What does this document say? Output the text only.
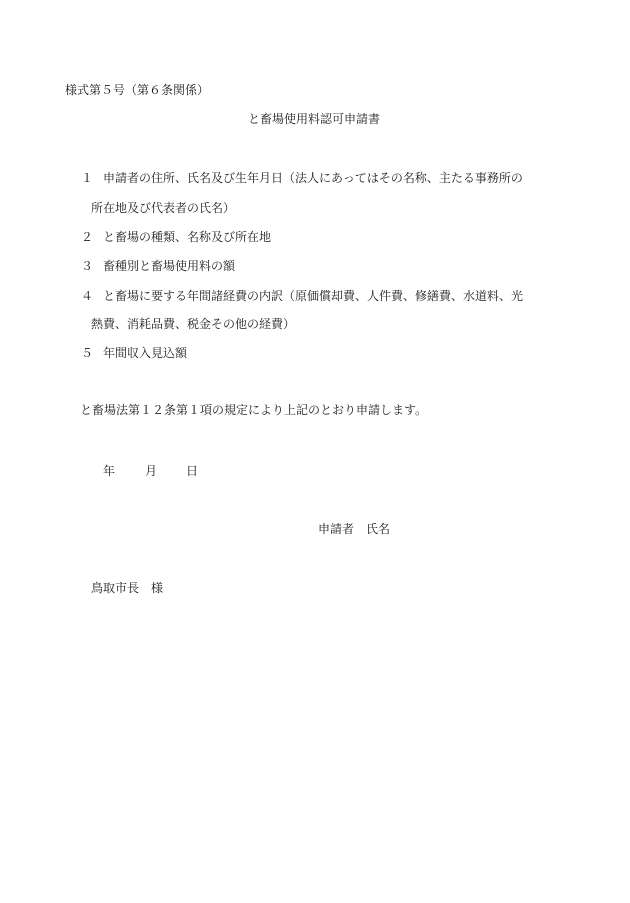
様式第５号（第６条関係）
と畜場使用料認可申請書
１ 申請者の住所、氏名及び生年月日（法人にあってはその名称、主たる事務所の
所在地及び代表者の氏名）
２ と畜場の種類、名称及び所在地
３ 畜種別と畜場使用料の額
４ と畜場に要する年間諸経費の内訳（原価償却費、人件費、修繕費、水道料、光
熱費、消耗品費、税金その他の経費）
５ 年間収入見込額
と畜場法第１２条第１項の規定により上記のとおり申請します。
年 月 日
申請者　氏名
鳥取市長　様
